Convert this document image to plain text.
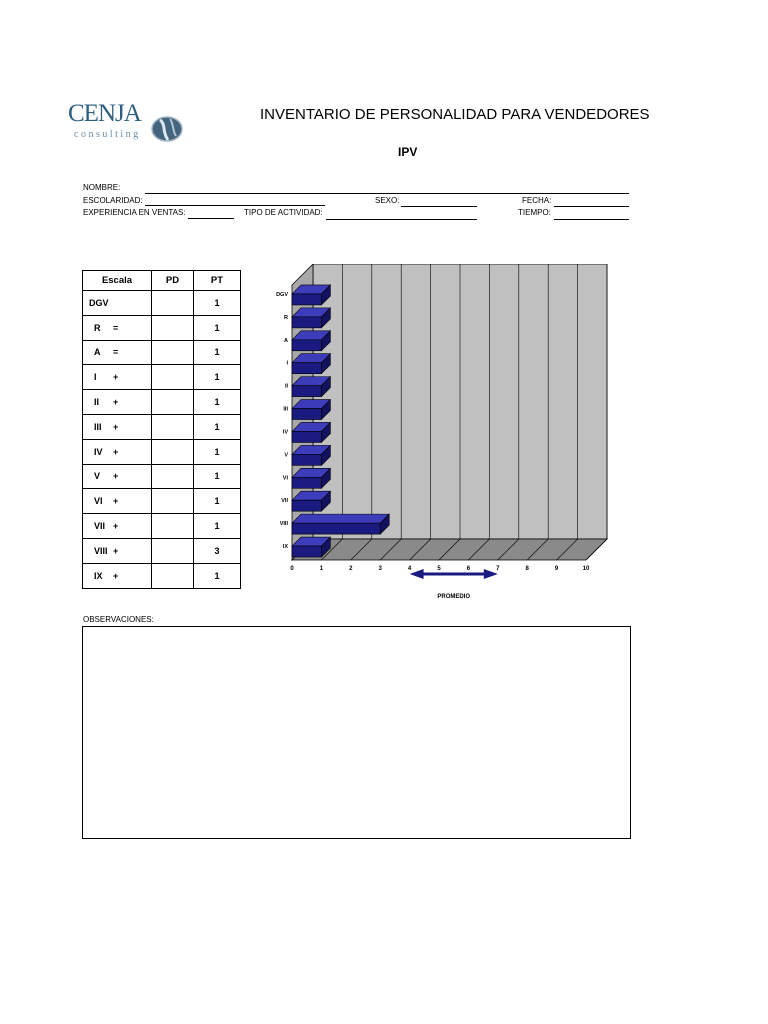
CENJA
consulting
INVENTARIO DE PERSONALIDAD PARA VENDEDORES
IPV
NOMBRE:
ESCOLARIDAD:	SEXO:	FECHA:
EXPERIENCIA EN VENTAS:	TIPO DE ACTIVIDAD:	TIEMPO:
Escala	PD	PT
DGV		1
R =		1
A =		1
I +		1
II +		1
III +		1
IV +		1
V +		1
VI +		1
VII +		1
VIII +		3
IX +		1
0	1	2	3	4	5	6	7	8	9	10
DGV
R
A
I
II
III
IV
V
VI
VII
VIII
IX
PROMEDIO
OBSERVACIONES:
